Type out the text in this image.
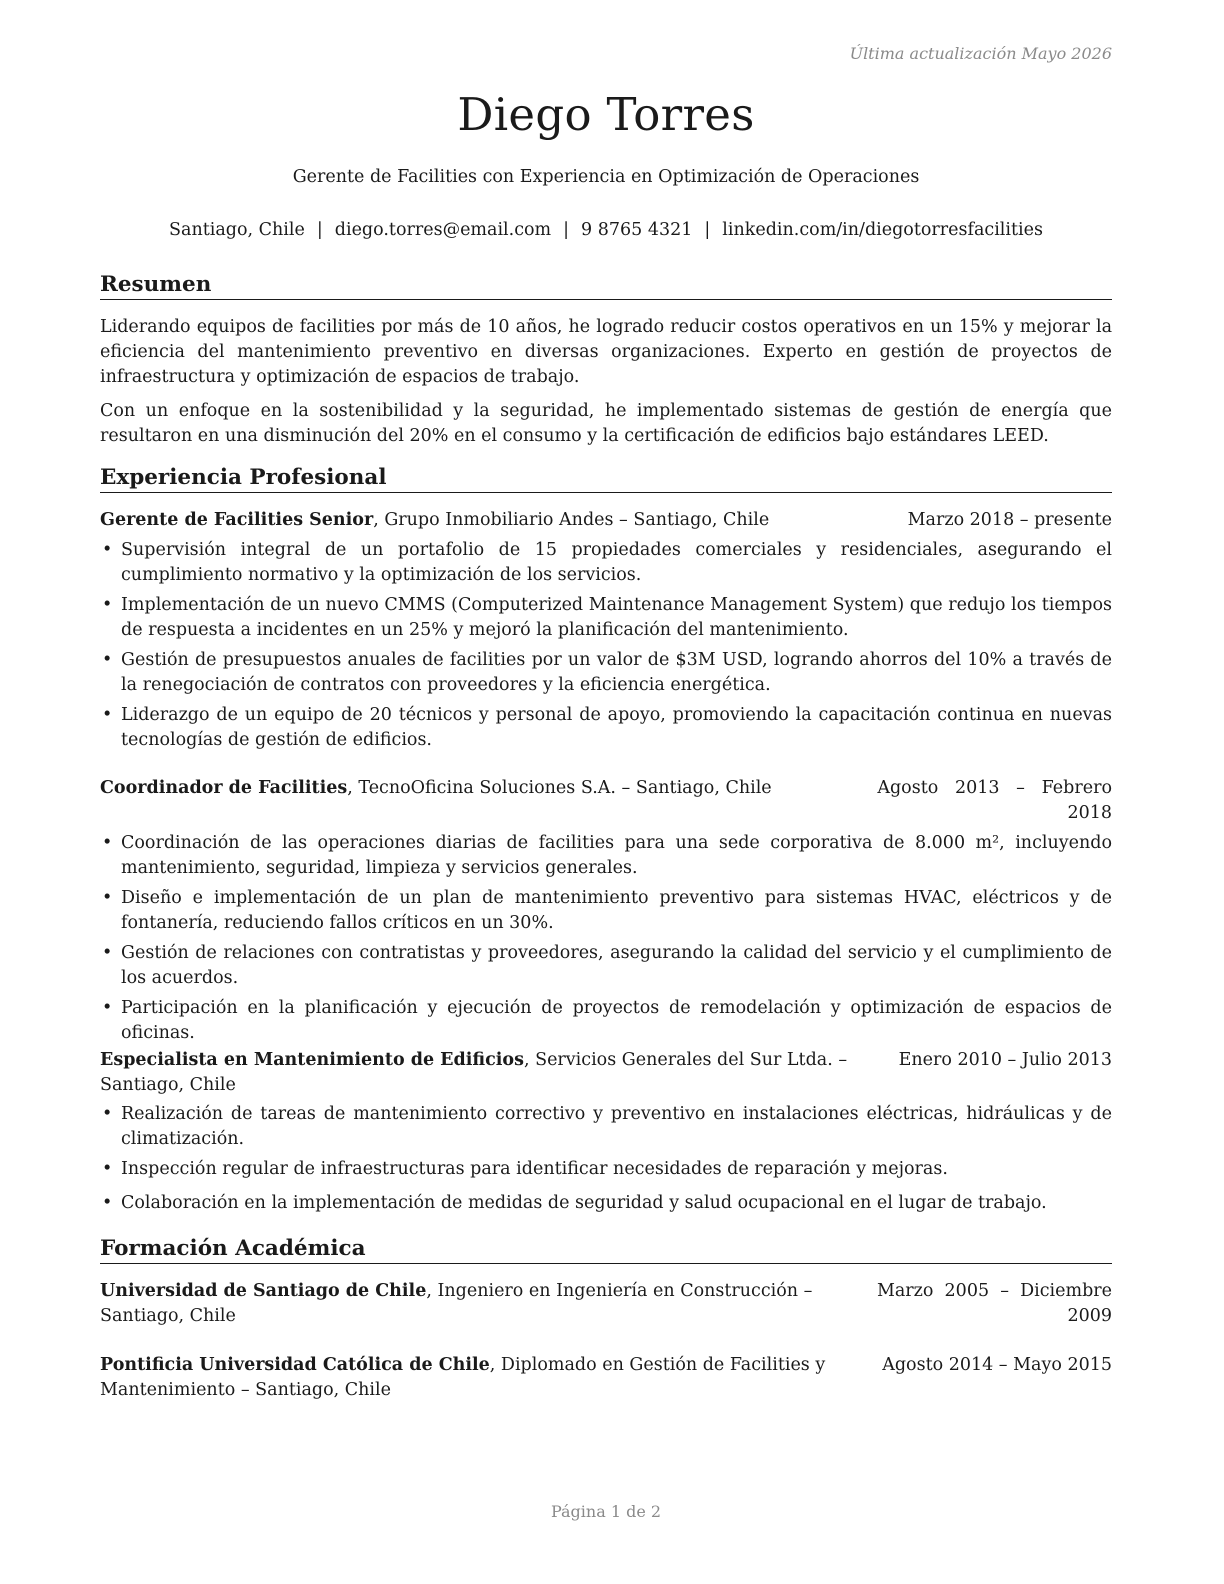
Última actualización Mayo 2026
Diego Torres
Gerente de Facilities con Experiencia en Optimización de Operaciones
Santiago, Chile | diego.torres@email.com | 9 8765 4321 | linkedin.com/in/diegotorresfacilities
Resumen

Liderando equipos de facilities por más de 10 años, he logrado reducir costos operativos en un 15% y mejorar la eficiencia del mantenimiento preventivo en diversas organizaciones. Experto en gestión de proyectos de infraestructura y optimización de espacios de trabajo.

Con un enfoque en la sostenibilidad y la seguridad, he implementado sistemas de gestión de energía que resultaron en una disminución del 20% en el consumo y la certificación de edificios bajo estándares LEED.

Experiencia Profesional
Gerente de Facilities Senior, Grupo Inmobiliario Andes – Santiago, Chile	Marzo 2018 – presente
• Supervisión integral de un portafolio de 15 propiedades comerciales y residenciales, asegurando el cumplimiento normativo y la optimización de los servicios.
• Implementación de un nuevo CMMS (Computerized Maintenance Management System) que redujo los tiempos de respuesta a incidentes en un 25% y mejoró la planificación del mantenimiento.
• Gestión de presupuestos anuales de facilities por un valor de $3M USD, logrando ahorros del 10% a través de la renegociación de contratos con proveedores y la eficiencia energética.
• Liderazgo de un equipo de 20 técnicos y personal de apoyo, promoviendo la capacitación continua en nuevas tecnologías de gestión de edificios.
Coordinador de Facilities, TecnoOficina Soluciones S.A. – Santiago, Chile	Agosto   2013   –   Febrero
2018
• Coordinación de las operaciones diarias de facilities para una sede corporativa de 8.000 m², incluyendo mantenimiento, seguridad, limpieza y servicios generales.
• Diseño e implementación de un plan de mantenimiento preventivo para sistemas HVAC, eléctricos y de fontanería, reduciendo fallos críticos en un 30%.
• Gestión de relaciones con contratistas y proveedores, asegurando la calidad del servicio y el cumplimiento de los acuerdos.
• Participación en la planificación y ejecución de proyectos de remodelación y optimización de espacios de oficinas.
Especialista en Mantenimiento de Edificios, Servicios Generales del Sur Ltda. – Santiago, Chile
Enero 2010 – Julio 2013
• Realización de tareas de mantenimiento correctivo y preventivo en instalaciones eléctricas, hidráulicas y de climatización.
• Inspección regular de infraestructuras para identificar necesidades de reparación y mejoras.
• Colaboración en la implementación de medidas de seguridad y salud ocupacional en el lugar de trabajo.
Formación Académica
Universidad de Santiago de Chile, Ingeniero en Ingeniería en Construcción – Santiago, Chile
Marzo  2005  –  Diciembre
2009
Pontificia Universidad Católica de Chile, Diplomado en Gestión de Facilities y Mantenimiento – Santiago, Chile
Agosto 2014 – Mayo 2015
Página 1 de 2
